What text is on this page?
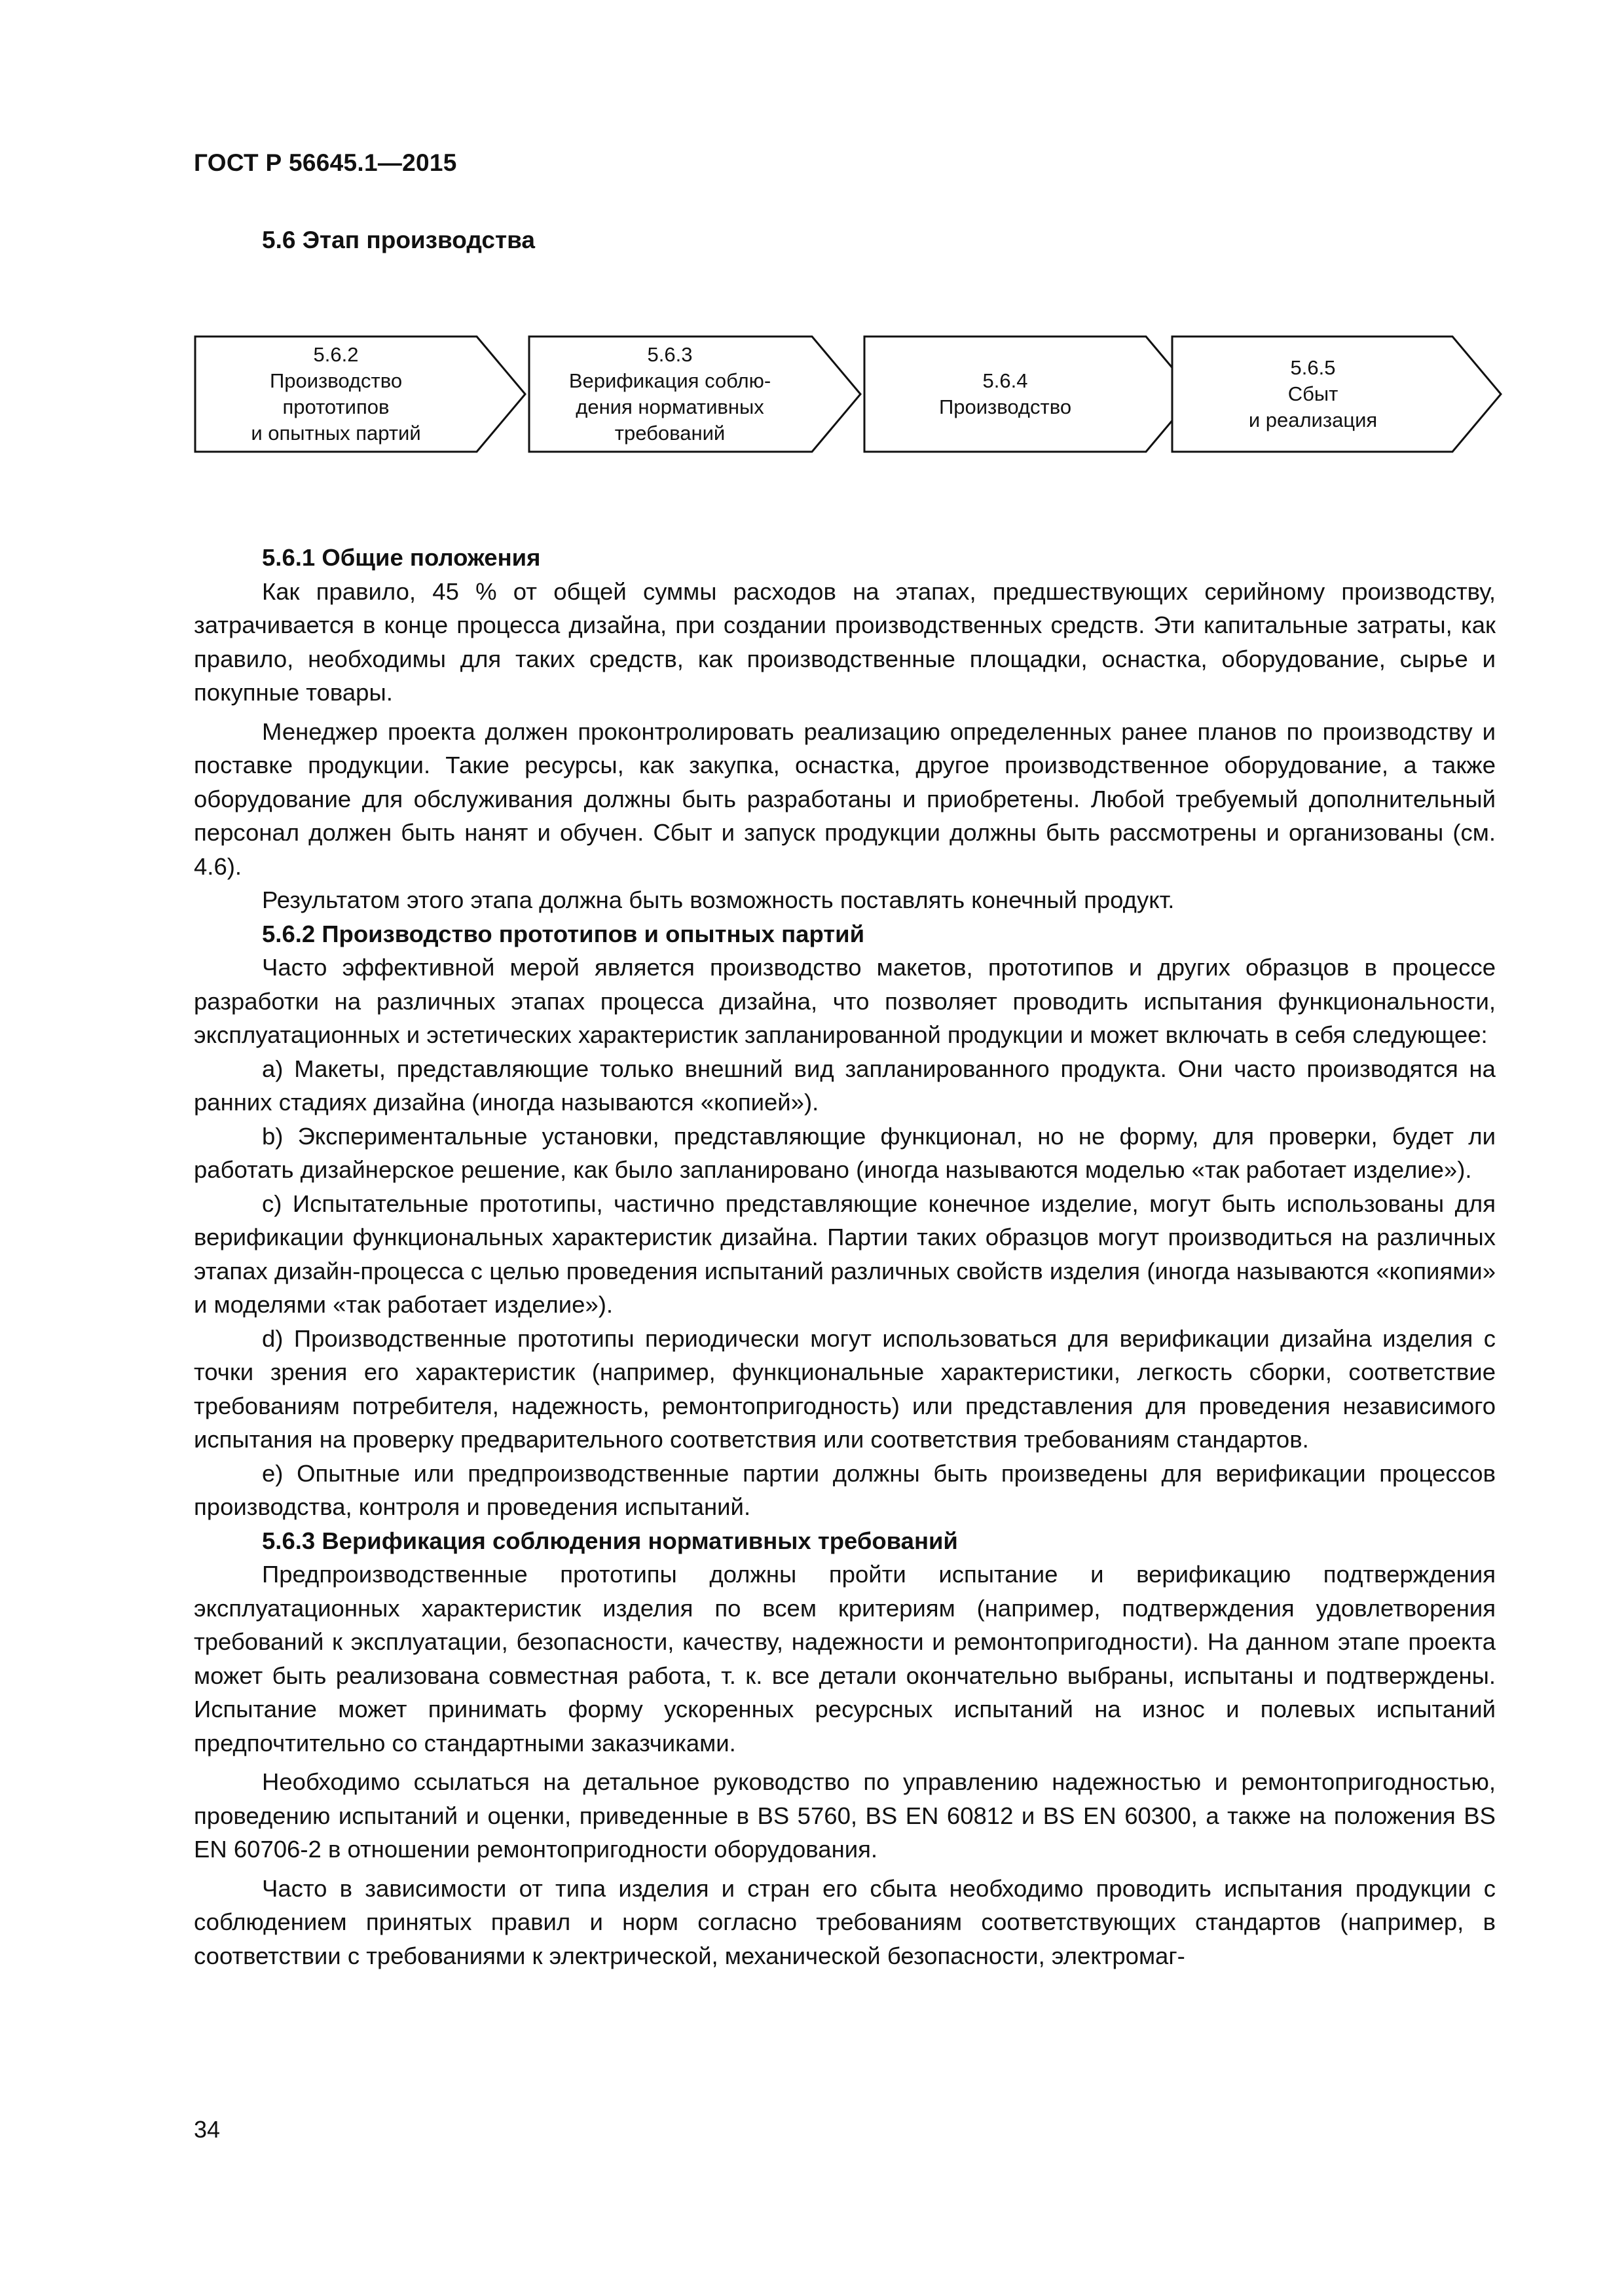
ГОСТ Р 56645.1—2015
5.6 Этап производства
5.6.2
Производство
прототипов
и опытных партий
5.6.3
Верификация соблю-
дения нормативных
требований
5.6.4
Производство
5.6.5
Сбыт
и реализация
5.6.1 Общие положения

Как правило, 45 % от общей суммы расходов на этапах, предшествующих серийному производству, затрачивается в конце процесса дизайна, при создании производственных средств. Эти капитальные затраты, как правило, необходимы для таких средств, как производственные площадки, оснастка, оборудование, сырье и покупные товары.

Менеджер проекта должен проконтролировать реализацию определенных ранее планов по производству и поставке продукции. Такие ресурсы, как закупка, оснастка, другое производственное оборудование, а также оборудование для обслуживания должны быть разработаны и приобретены. Любой требуемый дополнительный персонал должен быть нанят и обучен. Сбыт и запуск продукции должны быть рассмотрены и организованы (см. 4.6).

Результатом этого этапа должна быть возможность поставлять конечный продукт.

5.6.2 Производство прототипов и опытных партий

Часто эффективной мерой является производство макетов, прототипов и других образцов в процессе разработки на различных этапах процесса дизайна, что позволяет проводить испытания функциональности, эксплуатационных и эстетических характеристик запланированной продукции и может включать в себя следующее:

a) Макеты, представляющие только внешний вид запланированного продукта. Они часто производятся на ранних стадиях дизайна (иногда называются «копией»).

b) Экспериментальные установки, представляющие функционал, но не форму, для проверки, будет ли работать дизайнерское решение, как было запланировано (иногда называются моделью «так работает изделие»).

c) Испытательные прототипы, частично представляющие конечное изделие, могут быть использованы для верификации функциональных характеристик дизайна. Партии таких образцов могут производиться на различных этапах дизайн-процесса с целью проведения испытаний различных свойств изделия (иногда называются «копиями» и моделями «так работает изделие»).

d) Производственные прототипы периодически могут использоваться для верификации дизайна изделия с точки зрения его характеристик (например, функциональные характеристики, легкость сборки, соответствие требованиям потребителя, надежность, ремонтопригодность) или представления для проведения независимого испытания на проверку предварительного соответствия или соответствия требованиям стандартов.

e) Опытные или предпроизводственные партии должны быть произведены для верификации процессов производства, контроля и проведения испытаний.

5.6.3 Верификация соблюдения нормативных требований

Предпроизводственные прототипы должны пройти испытание и верификацию подтверждения эксплуатационных характеристик изделия по всем критериям (например, подтверждения удовлетворения требований к эксплуатации, безопасности, качеству, надежности и ремонтопригодности). На данном этапе проекта может быть реализована совместная работа, т. к. все детали окончательно выбраны, испытаны и подтверждены. Испытание может принимать форму ускоренных ресурсных испытаний на износ и полевых испытаний предпочтительно со стандартными заказчиками.

Необходимо ссылаться на детальное руководство по управлению надежностью и ремонтопригодностью, проведению испытаний и оценки, приведенные в BS 5760, BS EN 60812 и BS EN 60300, а также на положения BS EN 60706-2 в отношении ремонтопригодности оборудования.

Часто в зависимости от типа изделия и стран его сбыта необходимо проводить испытания продукции с соблюдением принятых правил и норм согласно требованиям соответствующих стандартов (например, в соответствии с требованиями к электрической, механической безопасности, электромаг-

34
